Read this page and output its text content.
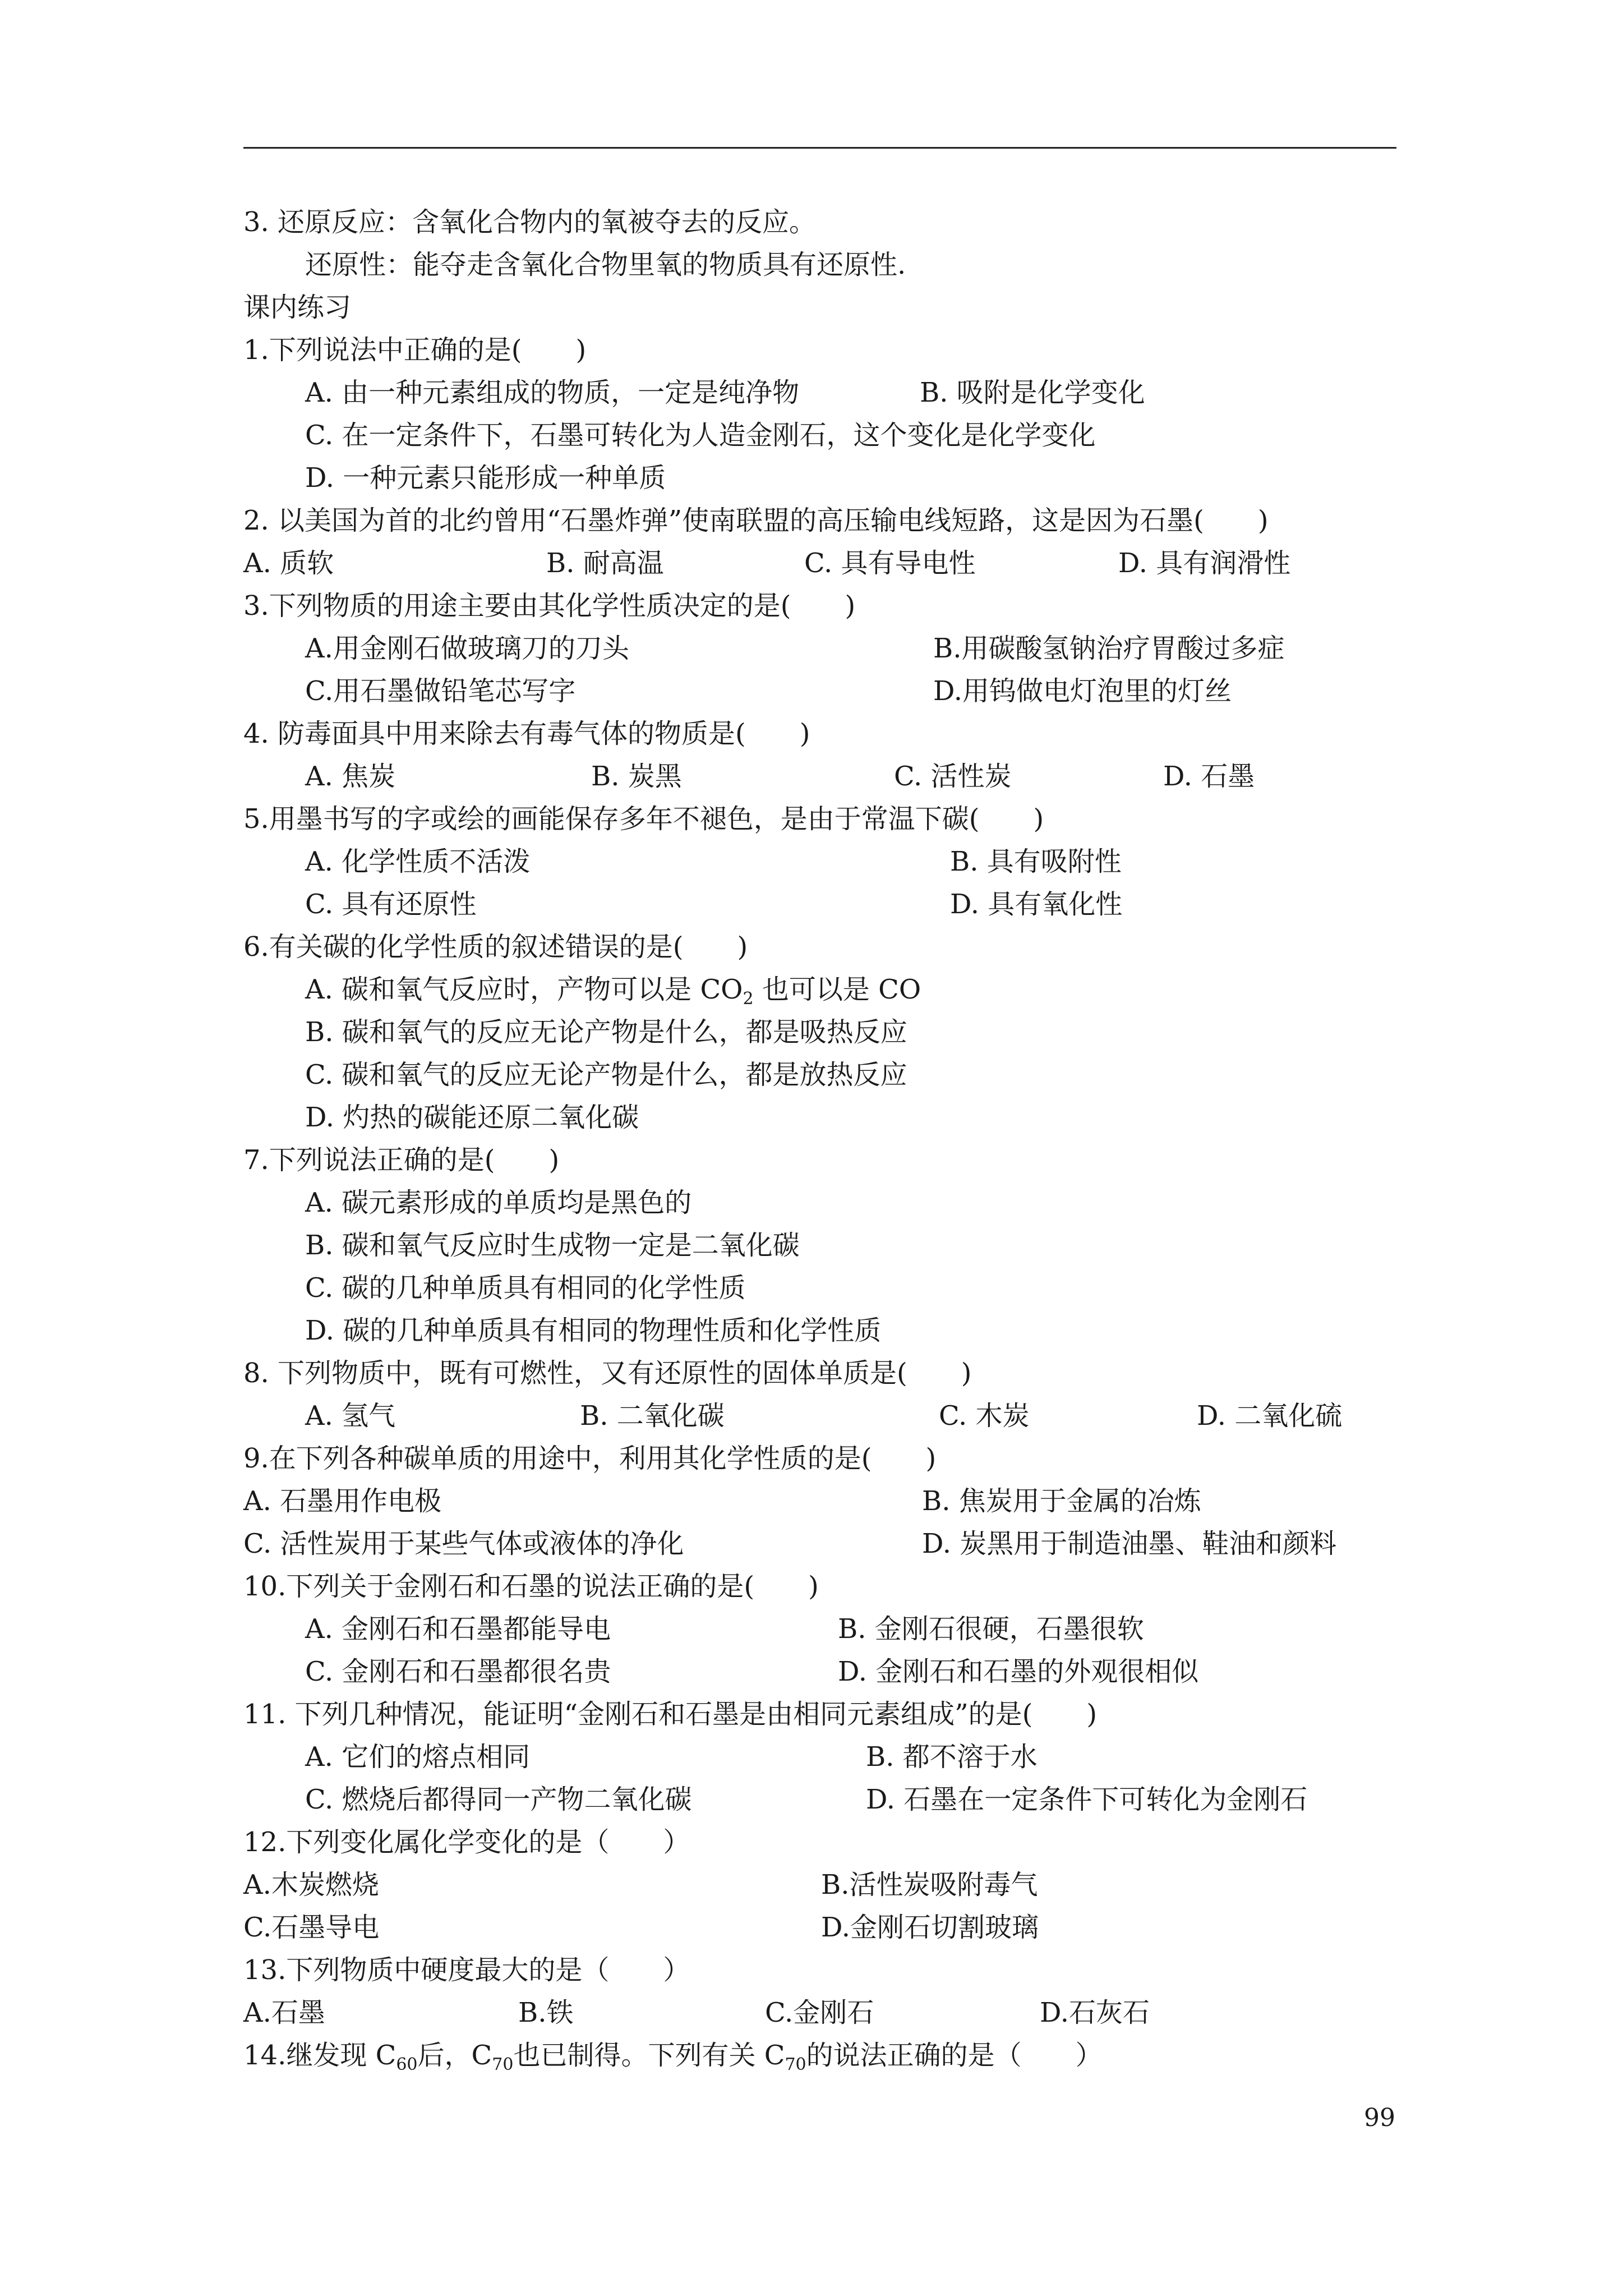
3. 还原反应：含氧化合物内的氧被夺去的反应。
还原性：能夺走含氧化合物里氧的物质具有还原性.
课内练习
1.下列说法中正确的是(　　)
A. 由一种元素组成的物质，一定是纯净物	B. 吸附是化学变化
C. 在一定条件下，石墨可转化为人造金刚石，这个变化是化学变化
D. 一种元素只能形成一种单质
2. 以美国为首的北约曾用“石墨炸弹”使南联盟的高压输电线短路，这是因为石墨(　　)
A. 质软	B. 耐高温	C. 具有导电性	D. 具有润滑性
3.下列物质的用途主要由其化学性质决定的是(　　)
A.用金刚石做玻璃刀的刀头	B.用碳酸氢钠治疗胃酸过多症
C.用石墨做铅笔芯写字	D.用钨做电灯泡里的灯丝
4. 防毒面具中用来除去有毒气体的物质是(　　)
A. 焦炭	B. 炭黑	C. 活性炭	D. 石墨
5.用墨书写的字或绘的画能保存多年不褪色，是由于常温下碳(　　)
A. 化学性质不活泼	B. 具有吸附性
C. 具有还原性	D. 具有氧化性
6.有关碳的化学性质的叙述错误的是(　　)
A. 碳和氧气反应时，产物可以是 $CO_2$ 也可以是 CO
B. 碳和氧气的反应无论产物是什么，都是吸热反应
C. 碳和氧气的反应无论产物是什么，都是放热反应
D. 灼热的碳能还原二氧化碳
7.下列说法正确的是(　　)
A. 碳元素形成的单质均是黑色的
B. 碳和氧气反应时生成物一定是二氧化碳
C. 碳的几种单质具有相同的化学性质
D. 碳的几种单质具有相同的物理性质和化学性质
8. 下列物质中，既有可燃性，又有还原性的固体单质是(　　)
A. 氢气	B. 二氧化碳	C. 木炭	D. 二氧化硫
9.在下列各种碳单质的用途中，利用其化学性质的是(　　)
A. 石墨用作电极	B. 焦炭用于金属的冶炼
C. 活性炭用于某些气体或液体的净化	D. 炭黑用于制造油墨、鞋油和颜料
10.下列关于金刚石和石墨的说法正确的是(　　)
A. 金刚石和石墨都能导电	B. 金刚石很硬，石墨很软
C. 金刚石和石墨都很名贵	D. 金刚石和石墨的外观很相似
11. 下列几种情况，能证明“金刚石和石墨是由相同元素组成”的是(　　)
A. 它们的熔点相同	B. 都不溶于水
C. 燃烧后都得同一产物二氧化碳	D. 石墨在一定条件下可转化为金刚石
12.下列变化属化学变化的是（　　）
A.木炭燃烧	B.活性炭吸附毒气
C.石墨导电	D.金刚石切割玻璃
13.下列物质中硬度最大的是（　　）
A.石墨	B.铁	C.金刚石	D.石灰石
14.继发现 $C_{60}$后，$C_{70}$也已制得。下列有关 $C_{70}$的说法正确的是（　　）
99
